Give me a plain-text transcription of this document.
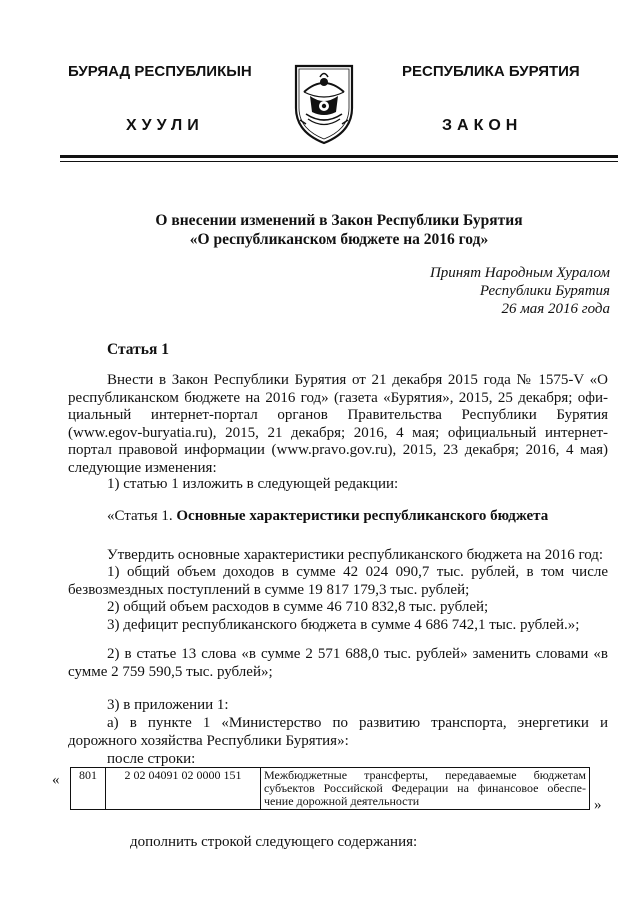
БУРЯАД РЕСПУБЛИКЫН	РЕСПУБЛИКА БУРЯТИЯ
ХУУЛИ	ЗАКОН
О внесении изменений в Закон Республики Бурятия
«О республиканском бюджете на 2016 год»
Принят Народным Хуралом
Республики Бурятия
26 мая 2016 года
Статья 1
Внести в Закон Республики Бурятия от 21 декабря 2015 года № 1575-V «О
республиканском бюджете на 2016 год» (газета «Бурятия», 2015, 25 декабря; офи-
циальный интернет-портал органов Правительства Республики Бурятия
(www.egov-buryatia.ru), 2015, 21 декабря; 2016, 4 мая; официальный интернет-
портал правовой информации (www.pravo.gov.ru), 2015, 23 декабря; 2016, 4 мая)
следующие изменения:
1) статью 1 изложить в следующей редакции:
«Статья 1. Основные характеристики республиканского бюджета
Утвердить основные характеристики республиканского бюджета на 2016 год:
1) общий объем доходов в сумме 42 024 090,7 тыс. рублей, в том числе
безвозмездных поступлений в сумме 19 817 179,3 тыс. рублей;
2) общий объем расходов в сумме 46 710 832,8 тыс. рублей;
3) дефицит республиканского бюджета в сумме 4 686 742,1 тыс. рублей.»;
2) в статье 13 слова «в сумме 2 571 688,0 тыс. рублей» заменить словами «в
сумме 2 759 590,5 тыс. рублей»;
3) в приложении 1:
а) в пункте 1 «Министерство по развитию транспорта, энергетики и
дорожного хозяйства Республики Бурятия»:
после строки:
« 801	2 02 04091 02 0000 151	Межбюджетные трансферты, передаваемые бюджетам
субъектов Российской Федерации на финансовое обеспе-
чение дорожной деятельности	»
дополнить строкой следующего содержания:
